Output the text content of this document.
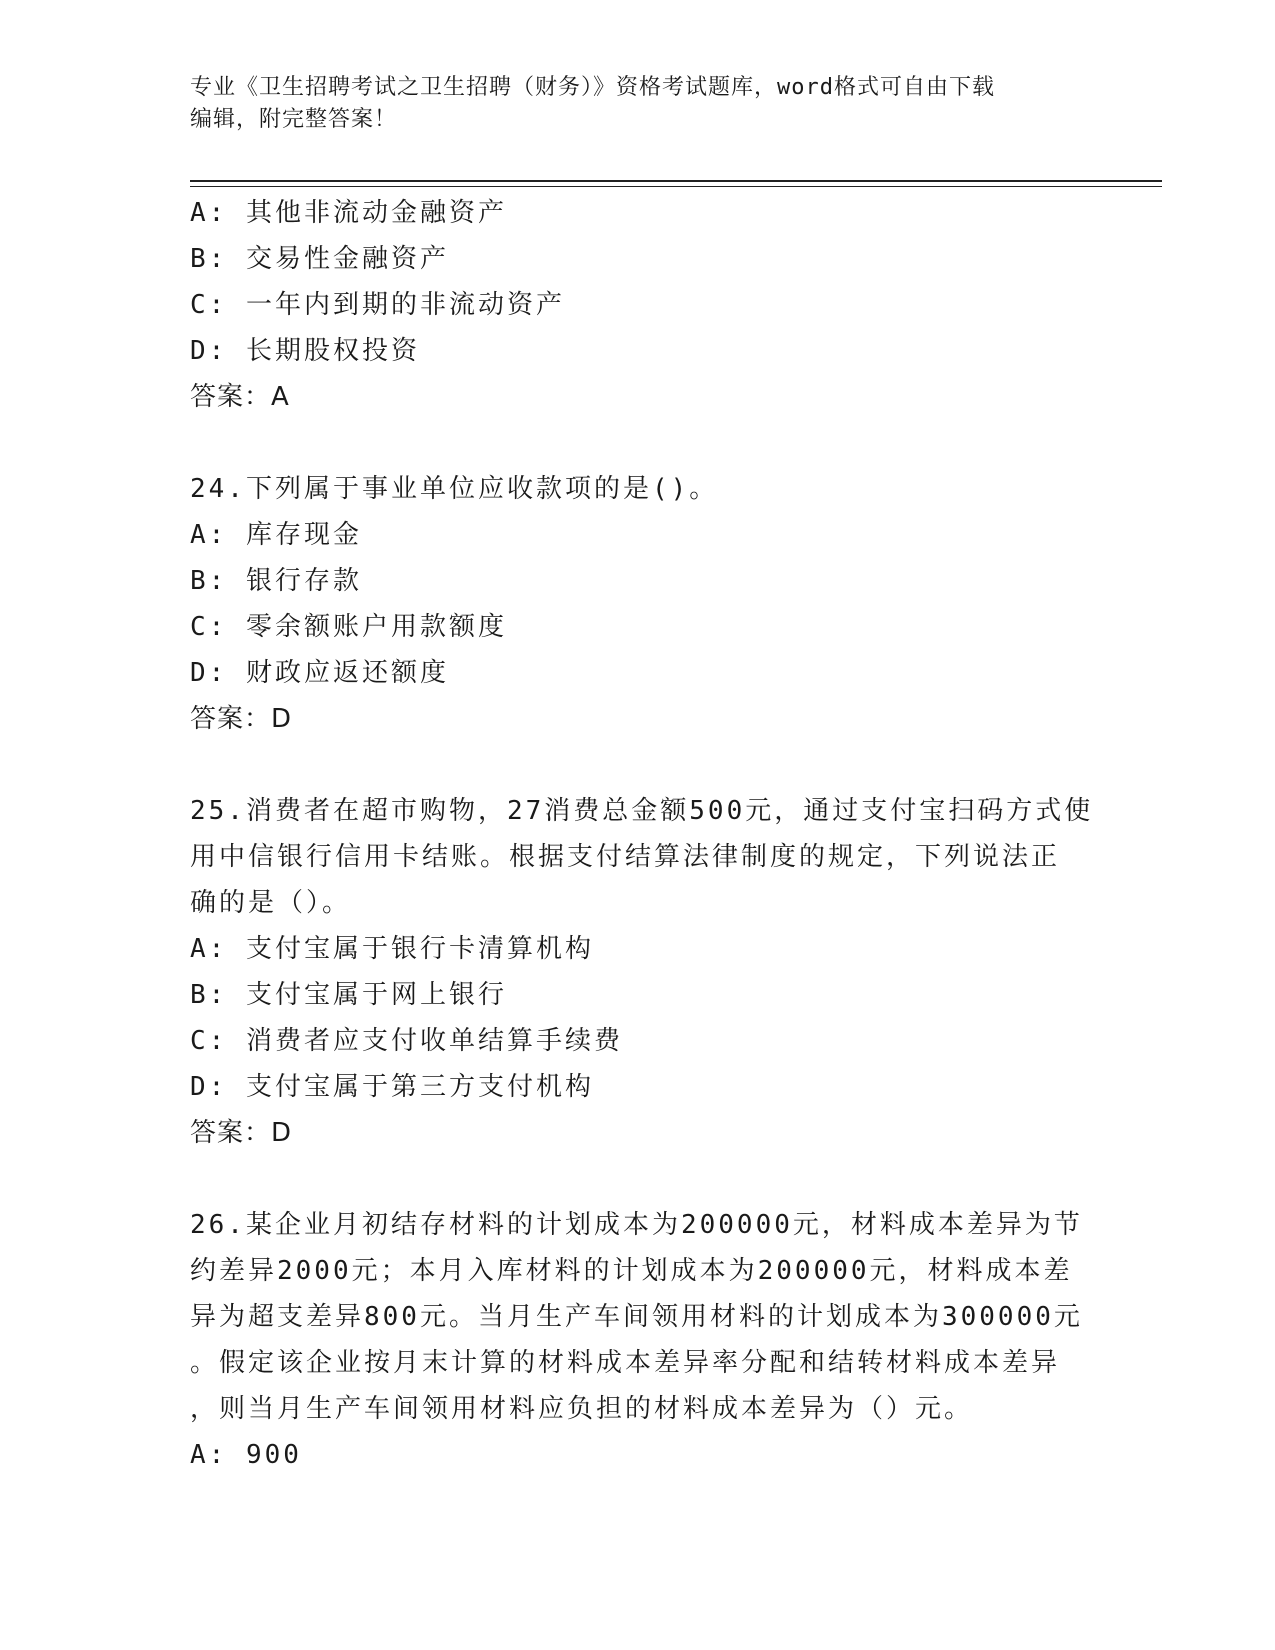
专业《卫生招聘考试之卫生招聘（财务）》资格考试题库，word格式可自由下载
编辑，附完整答案！
A: 其他非流动金融资产
B: 交易性金融资产
C: 一年内到期的非流动资产
D: 长期股权投资
答案：A
24.下列属于事业单位应收款项的是()。
A: 库存现金
B: 银行存款
C: 零余额账户用款额度
D: 财政应返还额度
答案：D
25.消费者在超市购物，27消费总金额500元，通过支付宝扫码方式使
用中信银行信用卡结账。根据支付结算法律制度的规定，下列说法正
确的是（）。
A: 支付宝属于银行卡清算机构
B: 支付宝属于网上银行
C: 消费者应支付收单结算手续费
D: 支付宝属于第三方支付机构
答案：D
26.某企业月初结存材料的计划成本为200000元，材料成本差异为节
约差异2000元；本月入库材料的计划成本为200000元，材料成本差
异为超支差异800元。当月生产车间领用材料的计划成本为300000元
。假定该企业按月末计算的材料成本差异率分配和结转材料成本差异
，则当月生产车间领用材料应负担的材料成本差异为（）元。
A: 900
